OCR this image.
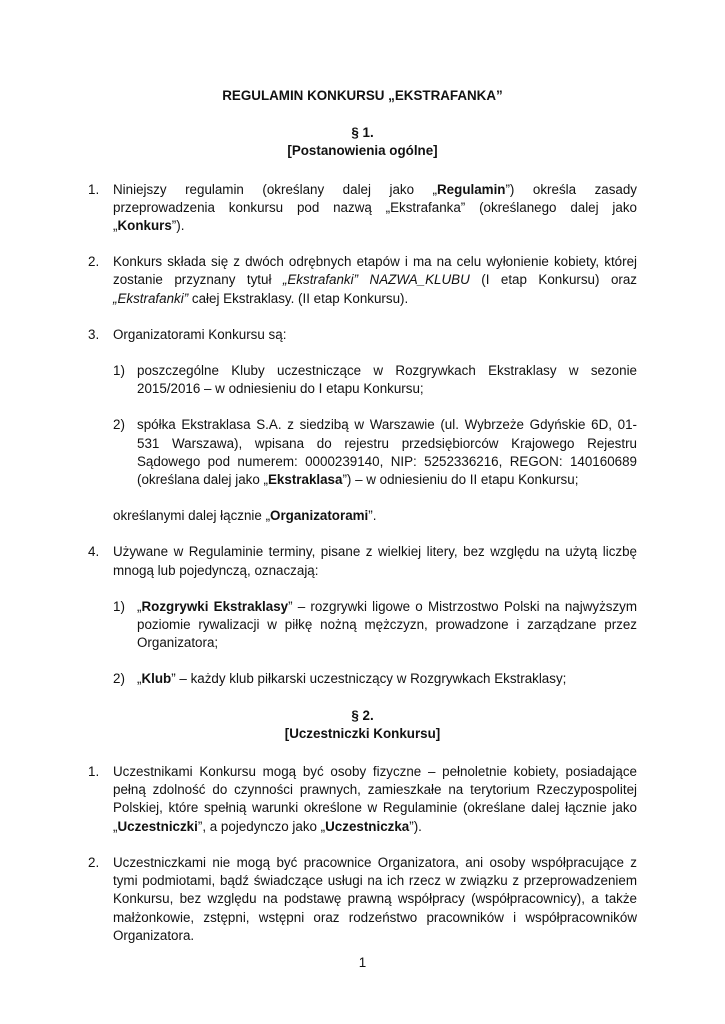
REGULAMIN KONKURSU „EKSTRAFANKA”
§ 1.
[Postanowienia ogólne]
1. Niniejszy regulamin (określany dalej jako „Regulamin”) określa zasady przeprowadzenia konkursu pod nazwą „Ekstrafanka” (określanego dalej jako „Konkurs”).
2. Konkurs składa się z dwóch odrębnych etapów i ma na celu wyłonienie kobiety, której zostanie przyznany tytuł „Ekstrafanki” NAZWA_KLUBU (I etap Konkursu) oraz „Ekstrafanki” całej Ekstraklasy. (II etap Konkursu).
3. Organizatorami Konkursu są:
1) poszczególne Kluby uczestniczące w Rozgrywkach Ekstraklasy w sezonie 2015/2016 – w odniesieniu do I etapu Konkursu;
2) spółka Ekstraklasa S.A. z siedzibą w Warszawie (ul. Wybrzeże Gdyńskie 6D, 01-531 Warszawa), wpisana do rejestru przedsiębiorców Krajowego Rejestru Sądowego pod numerem: 0000239140, NIP: 5252336216, REGON: 140160689 (określana dalej jako „Ekstraklasa”) – w odniesieniu do II etapu Konkursu;
określanymi dalej łącznie „Organizatorami”.
4. Używane w Regulaminie terminy, pisane z wielkiej litery, bez względu na użytą liczbę mnogą lub pojedynczą, oznaczają:
1) „Rozgrywki Ekstraklasy” – rozgrywki ligowe o Mistrzostwo Polski na najwyższym poziomie rywalizacji w piłkę nożną mężczyzn, prowadzone i zarządzane przez Organizatora;
2) „Klub” – każdy klub piłkarski uczestniczący w Rozgrywkach Ekstraklasy;
§ 2.
[Uczestniczki Konkursu]
1. Uczestnikami Konkursu mogą być osoby fizyczne – pełnoletnie kobiety, posiadające pełną zdolność do czynności prawnych, zamieszkałe na terytorium Rzeczypospolitej Polskiej, które spełnią warunki określone w Regulaminie (określane dalej łącznie jako „Uczestniczki”, a pojedynczo jako „Uczestniczka”).
2. Uczestniczkami nie mogą być pracownice Organizatora, ani osoby współpracujące z tymi podmiotami, bądź świadczące usługi na ich rzecz w związku z przeprowadzeniem Konkursu, bez względu na podstawę prawną współpracy (współpracownicy), a także małżonkowie, zstępni, wstępni oraz rodzeństwo pracowników i współpracowników Organizatora.
1
